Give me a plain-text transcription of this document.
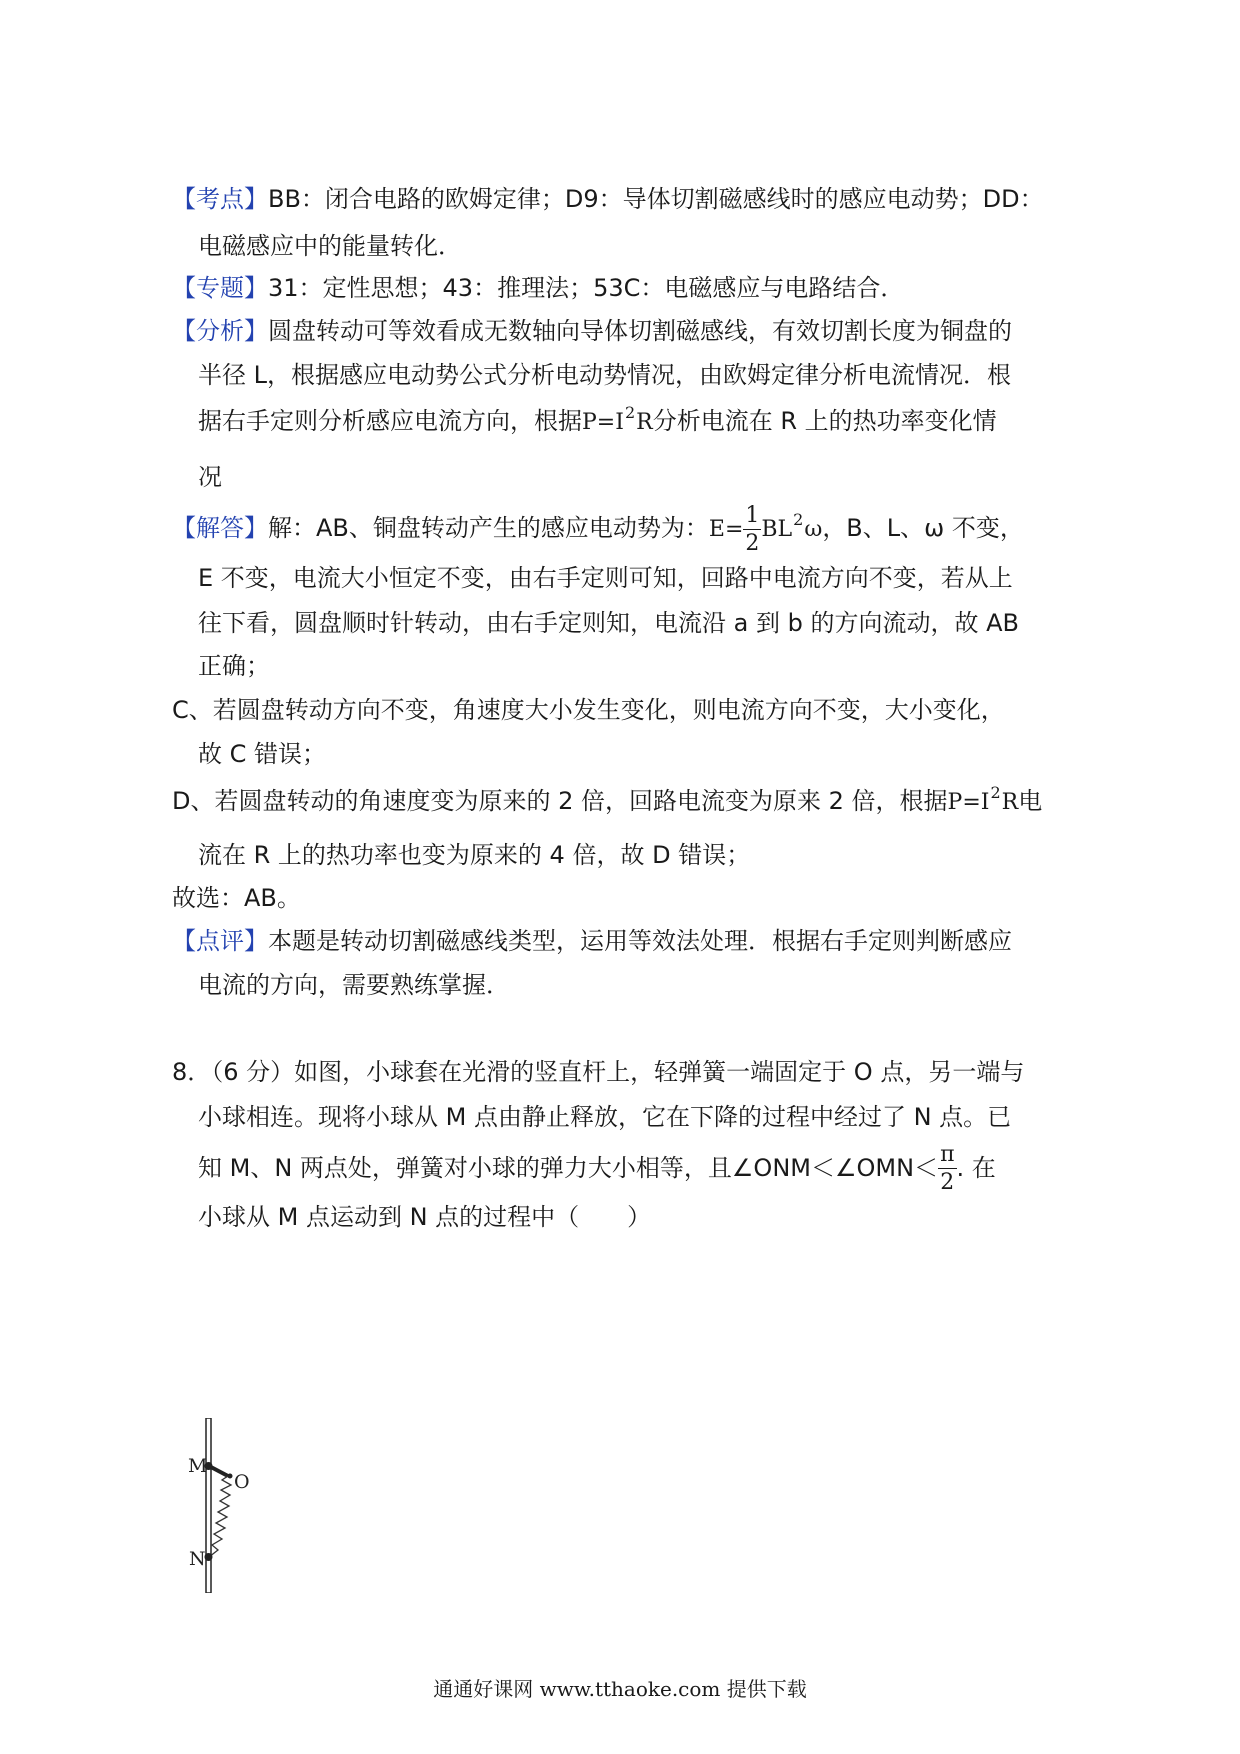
【考点】BB：闭合电路的欧姆定律；D9：导体切割磁感线时的感应电动势；DD：
电磁感应中的能量转化．
【专题】31：定性思想；43：推理法；53C：电磁感应与电路结合．
【分析】圆盘转动可等效看成无数轴向导体切割磁感线，有效切割长度为铜盘的
半径 L，根据感应电动势公式分析电动势情况，由欧姆定律分析电流情况．根
据右手定则分析感应电流方向，根据$P=I^2R$分析电流在 R 上的热功率变化情
况
【解答】解：AB、铜盘转动产生的感应电动势为：$E= \frac{1}{2} BL^2\omega$，B、L、ω 不变，
E 不变，电流大小恒定不变，由右手定则可知，回路中电流方向不变，若从上
往下看，圆盘顺时针转动，由右手定则知，电流沿 a 到 b 的方向流动，故 AB
正确；
C、若圆盘转动方向不变，角速度大小发生变化，则电流方向不变，大小变化，
故 C 错误；
D、若圆盘转动的角速度变为原来的 2 倍，回路电流变为原来 2 倍，根据$P=I^2R$电
流在 R 上的热功率也变为原来的 4 倍，故 D 错误；
故选：AB。
【点评】本题是转动切割磁感线类型，运用等效法处理．根据右手定则判断感应
电流的方向，需要熟练掌握．
8．（6 分）如图，小球套在光滑的竖直杆上，轻弹簧一端固定于 O 点，另一端与
小球相连。现将小球从 M 点由静止释放，它在下降的过程中经过了 N 点。已
知 M、N 两点处，弹簧对小球的弹力大小相等，且∠ONM＜∠OMN＜ $\frac{\pi}{2}$ . 在
小球从 M 点运动到 N 点的过程中（　　）
M
O
N
通通好课网 www.tthaoke.com 提供下载
